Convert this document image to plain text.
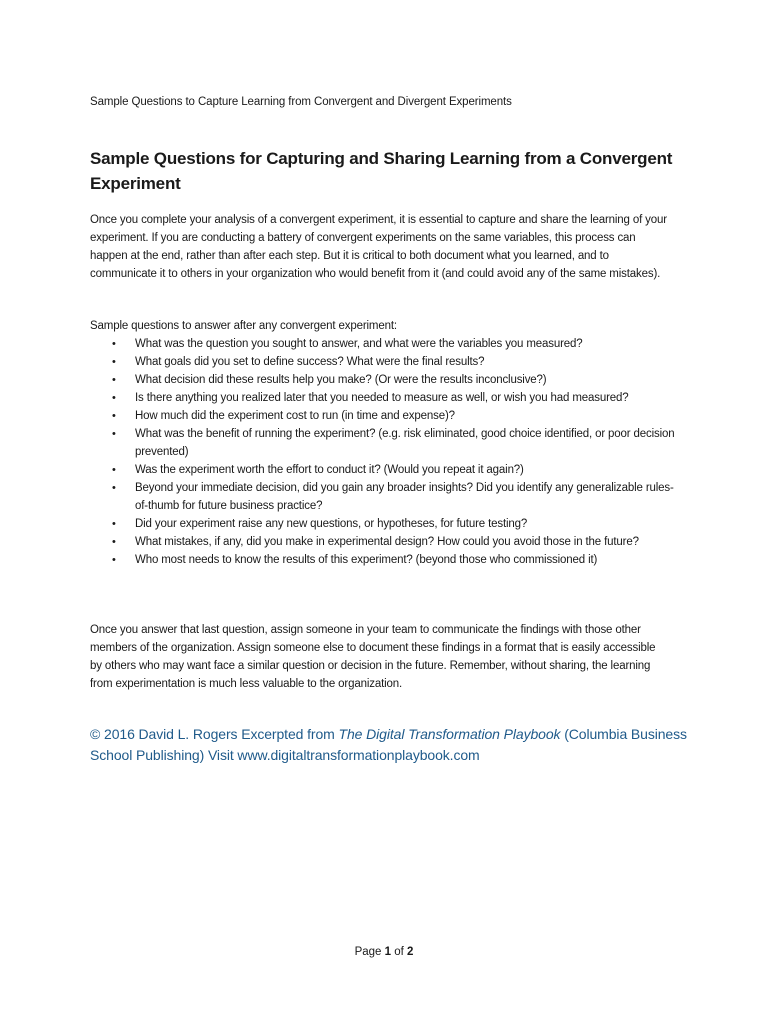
Sample Questions to Capture Learning from Convergent and Divergent Experiments
Sample Questions for Capturing and Sharing Learning from a Convergent Experiment

Once you complete your analysis of a convergent experiment, it is essential to capture and share the learning of your experiment. If you are conducting a battery of convergent experiments on the same variables, this process can happen at the end, rather than after each step. But it is critical to both document what you learned, and to communicate it to others in your organization who would benefit from it (and could avoid any of the same mistakes).

Sample questions to answer after any convergent experiment:
• What was the question you sought to answer, and what were the variables you measured?
• What goals did you set to define success? What were the final results?
• What decision did these results help you make? (Or were the results inconclusive?)
• Is there anything you realized later that you needed to measure as well, or wish you had measured?
• How much did the experiment cost to run (in time and expense)?
• What was the benefit of running the experiment? (e.g. risk eliminated, good choice identified, or poor decision prevented)
• Was the experiment worth the effort to conduct it? (Would you repeat it again?)
• Beyond your immediate decision, did you gain any broader insights? Did you identify any generalizable rules-of-thumb for future business practice?
• Did your experiment raise any new questions, or hypotheses, for future testing?
• What mistakes, if any, did you make in experimental design? How could you avoid those in the future?
• Who most needs to know the results of this experiment? (beyond those who commissioned it)

Once you answer that last question, assign someone in your team to communicate the findings with those other members of the organization. Assign someone else to document these findings in a format that is easily accessible by others who may want face a similar question or decision in the future. Remember, without sharing, the learning from experimentation is much less valuable to the organization.

© 2016 David L. Rogers Excerpted from The Digital Transformation Playbook (Columbia Business School Publishing) Visit www.digitaltransformationplaybook.com

Page 1 of 2
